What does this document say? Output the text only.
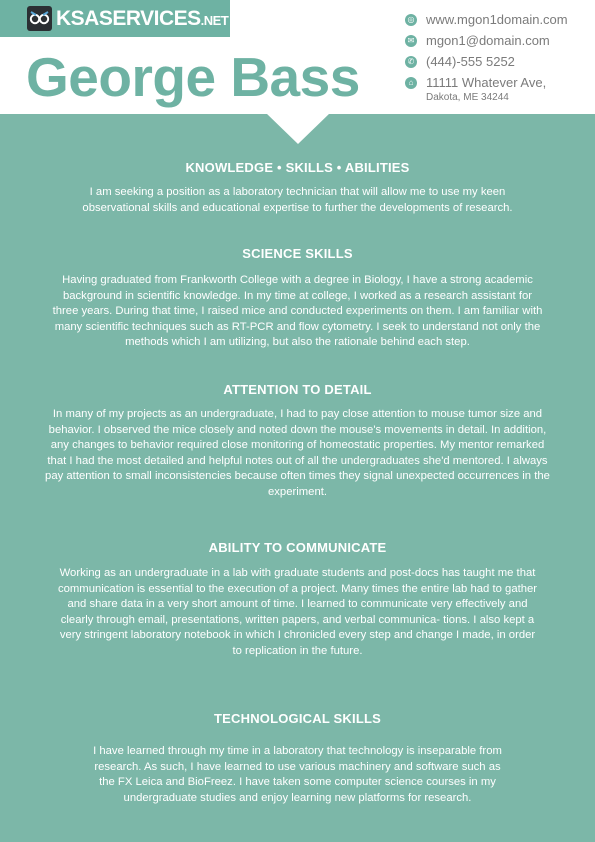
KSASERVICES.NET
George Bass
◎ www.mgon1domain.com
✉ mgon1@domain.com
✆ (444)-555 5252
⌂ 11111 Whatever Ave,
Dakota, ME 34244
KNOWLEDGE • SKILLS • ABILITIES

I am seeking a position as a laboratory technician that will allow me to use my keen observational skills and educational expertise to further the developments of research.

SCIENCE SKILLS

Having graduated from Frankworth College with a degree in Biology, I have a strong academic background in scientific knowledge. In my time at college, I worked as a research assistant for three years. During that time, I raised mice and conducted experiments on them. I am familiar with many scientific techniques such as RT-PCR and flow cytometry. I seek to understand not only the methods which I am utilizing, but also the rationale behind each step.

ATTENTION TO DETAIL

In many of my projects as an undergraduate, I had to pay close attention to mouse tumor size and behavior. I observed the mice closely and noted down the mouse's movements in detail. In addition, any changes to behavior required close monitoring of homeostatic properties. My mentor remarked that I had the most detailed and helpful notes out of all the undergraduates she'd mentored. I always pay attention to small inconsistencies because often times they signal unexpected occurrences in the experiment.

ABILITY TO COMMUNICATE

Working as an undergraduate in a lab with graduate students and post-docs has taught me that communication is essential to the execution of a project. Many times the entire lab had to gather and share data in a very short amount of time. I learned to communicate very effectively and clearly through email, presentations, written papers, and verbal communica- tions. I also kept a very stringent laboratory notebook in which I chronicled every step and change I made, in order to replication in the future.

TECHNOLOGICAL SKILLS

I have learned through my time in a laboratory that technology is inseparable from research. As such, I have learned to use various machinery and software such as the FX Leica and BioFreez. I have taken some computer science courses in my undergraduate studies and enjoy learning new platforms for research.
